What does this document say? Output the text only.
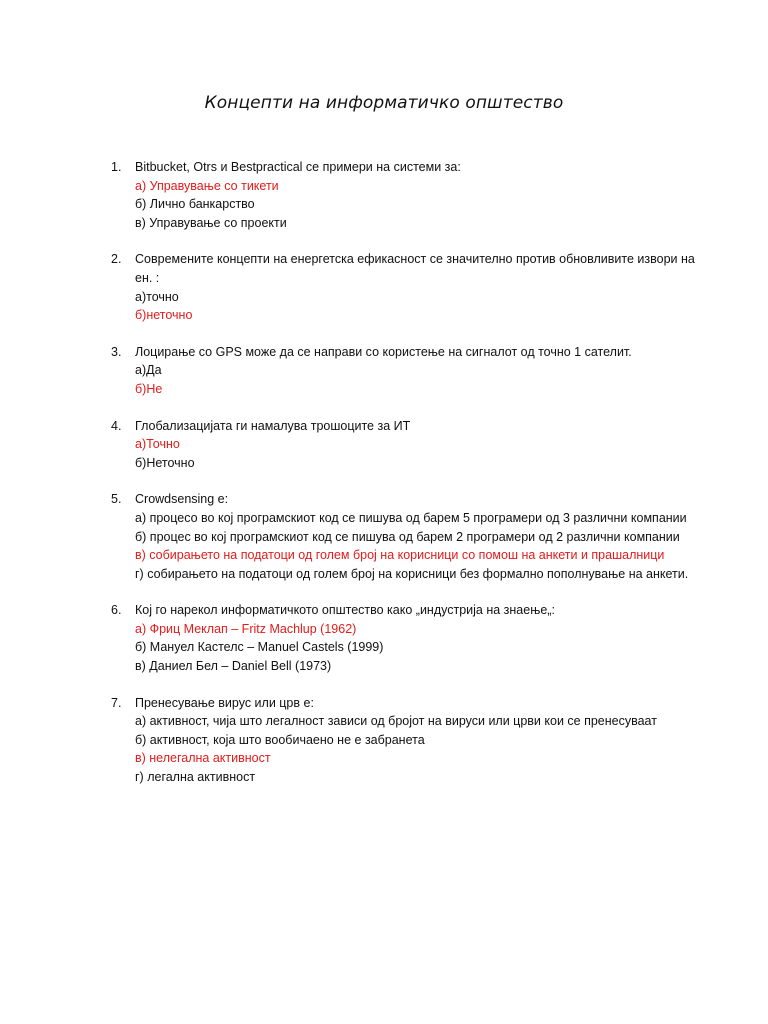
Концепти на информатичко општество
1. Bitbucket, Otrs и Bestpractical се примери на системи за:
а) Управување со тикети
б) Лично банкарство
в) Управување со проекти
2. Современите концепти на енергетска ефикасност се значително против обновливите извори на ен. :
а)точно
б)неточно
3. Лоцирање со GPS може да се направи со користење на сигналот од точно 1 сателит.
а)Да
б)Не
4. Глобализацијата ги намалува трошоците за ИТ
а)Точно
б)Неточно
5. Crowdsensing е:
а) процесо во кој програмскиот код се пишува од барем 5 програмери од 3 различни компании
б) процес во кој програмскиот код се пишува од барем 2 програмери од 2 различни компании
в) собирањето на податоци од голем број на корисници со помош на анкети и прашалници
г) собирањето на податоци од голем број на корисници без формално пополнување на анкети.
6. Кој го нарекол информатичкото општество како „индустрија на знаење„:
а) Фриц Меклап – Fritz Machlup (1962)
б) Мануел Кастелс – Manuel Castels (1999)
в) Даниел Бел – Daniel Bell (1973)
7. Пренесување вирус или црв е:
а) активност, чија што легалност зависи од бројот на вируси или црви кои се пренесуваат
б) активност, која што вообичаено не е забранета
в) нелегална активност
г) легална активност
